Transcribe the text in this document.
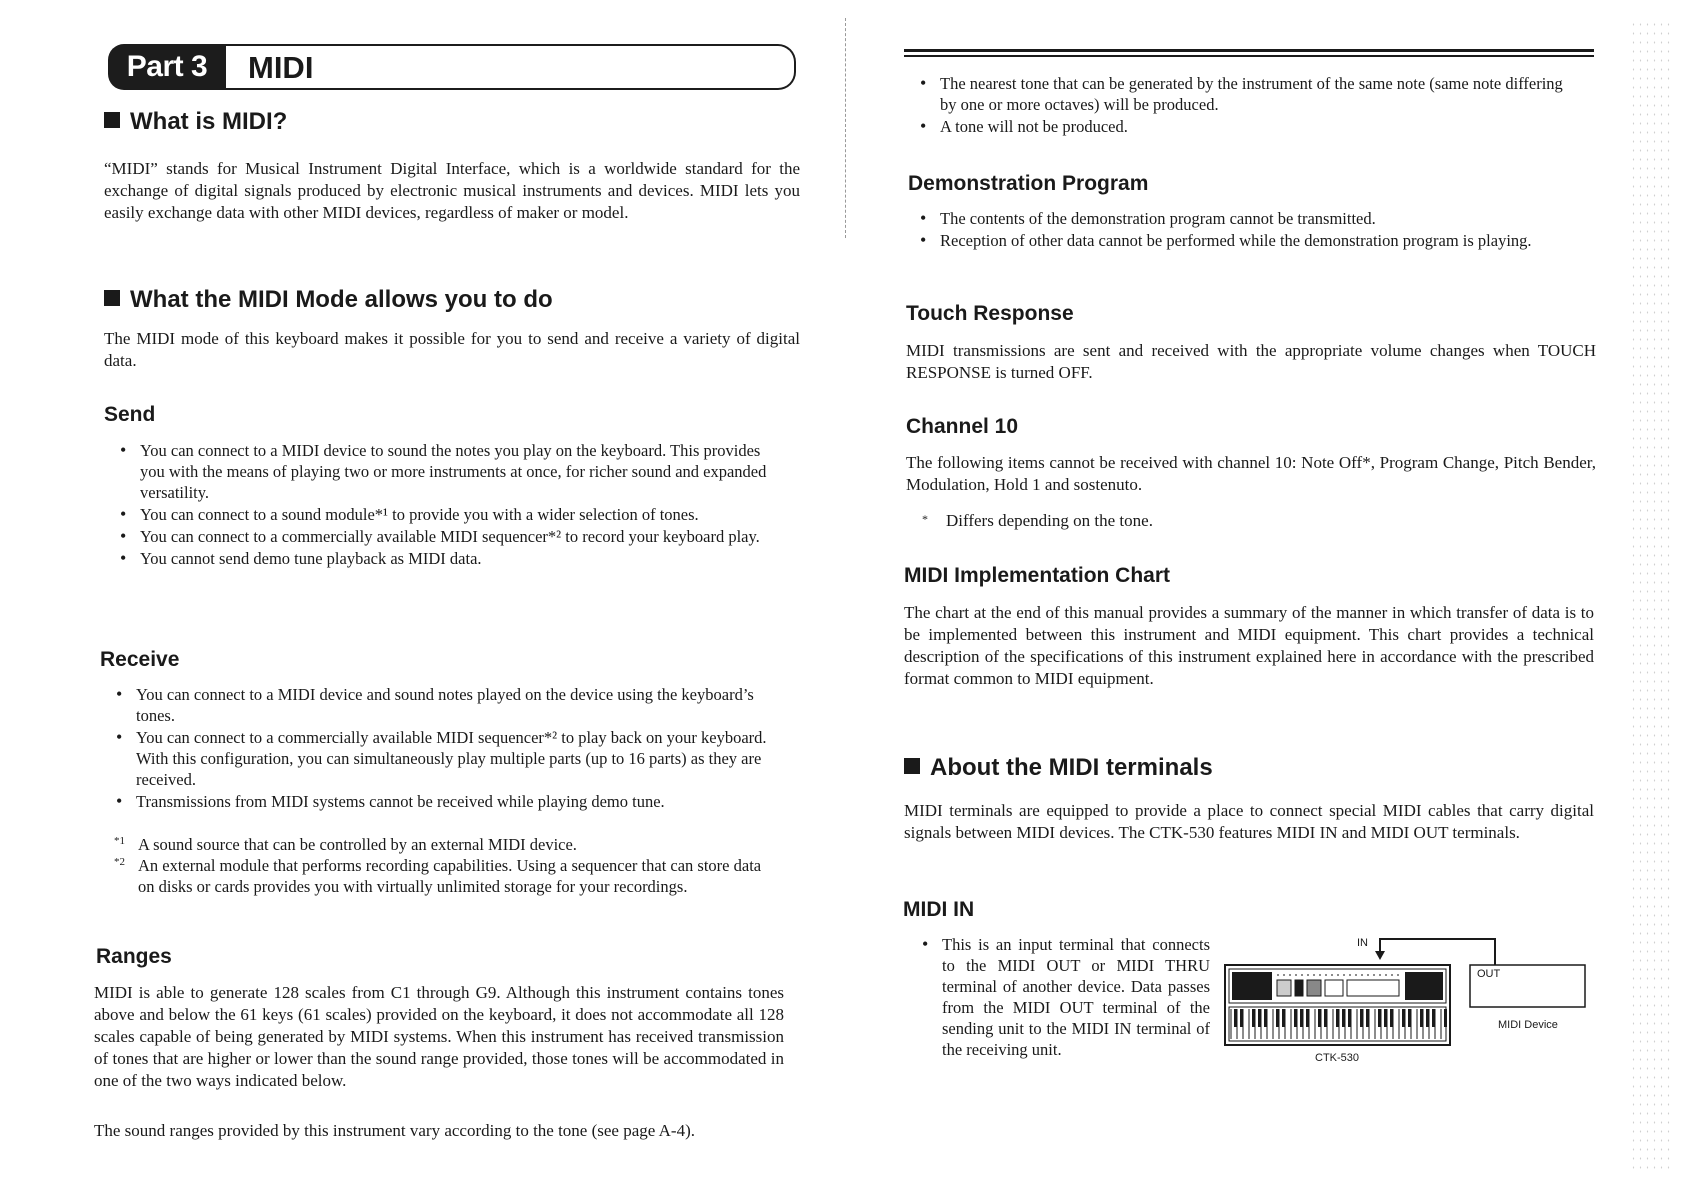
Part 3	MIDI
What is MIDI?
“MIDI” stands for Musical Instrument Digital Interface, which is a worldwide standard for the exchange of digital signals produced by electronic musical instruments and devices. MIDI lets you easily exchange data with other MIDI devices, regardless of maker or model.
What the MIDI Mode allows you to do
The MIDI mode of this keyboard makes it possible for you to send and receive a variety of digital data.
Send
• You can connect to a MIDI device to sound the notes you play on the keyboard. This provides you with the means of playing two or more instruments at once, for richer sound and expanded versatility.
• You can connect to a sound module*¹ to provide you with a wider selection of tones.
• You can connect to a commercially available MIDI sequencer*² to record your keyboard play.
• You cannot send demo tune playback as MIDI data.
Receive
• You can connect to a MIDI device and sound notes played on the device using the keyboard’s tones.
• You can connect to a commercially available MIDI sequencer*² to play back on your keyboard. With this configuration, you can simultaneously play multiple parts (up to 16 parts) as they are received.
• Transmissions from MIDI systems cannot be received while playing demo tune.
*1 A sound source that can be controlled by an external MIDI device.
*2 An external module that performs recording capabilities. Using a sequencer that can store data on disks or cards provides you with virtually unlimited storage for your recordings.
Ranges
MIDI is able to generate 128 scales from C1 through G9. Although this instrument contains tones above and below the 61 keys (61 scales) provided on the keyboard, it does not accommodate all 128 scales capable of being generated by MIDI systems. When this instrument has received transmission of tones that are higher or lower than the sound range provided, those tones will be accommodated in one of the two ways indicated below.
The sound ranges provided by this instrument vary according to the tone (see page A-4).
• The nearest tone that can be generated by the instrument of the same note (same note differing by one or more octaves) will be produced.
• A tone will not be produced.
Demonstration Program
• The contents of the demonstration program cannot be transmitted.
• Reception of other data cannot be performed while the demonstration program is playing.
Touch Response
MIDI transmissions are sent and received with the appropriate volume changes when TOUCH RESPONSE is turned OFF.
Channel 10
The following items cannot be received with channel 10: Note Off*, Program Change, Pitch Bender, Modulation, Hold 1 and sostenuto.
* Differs depending on the tone.
MIDI Implementation Chart
The chart at the end of this manual provides a summary of the manner in which transfer of data is to be implemented between this instrument and MIDI equipment. This chart provides a technical description of the specifications of this instrument explained here in accordance with the prescribed format common to MIDI equipment.
About the MIDI terminals
MIDI terminals are equipped to provide a place to connect special MIDI cables that carry digital signals between MIDI devices. The CTK-530 features MIDI IN and MIDI OUT terminals.
MIDI IN
• This is an input terminal that connects to the MIDI OUT or MIDI THRU terminal of another device. Data passes from the MIDI OUT terminal of the sending unit to the MIDI IN terminal of the receiving unit.
IN
OUT
MIDI Device
CTK-530
